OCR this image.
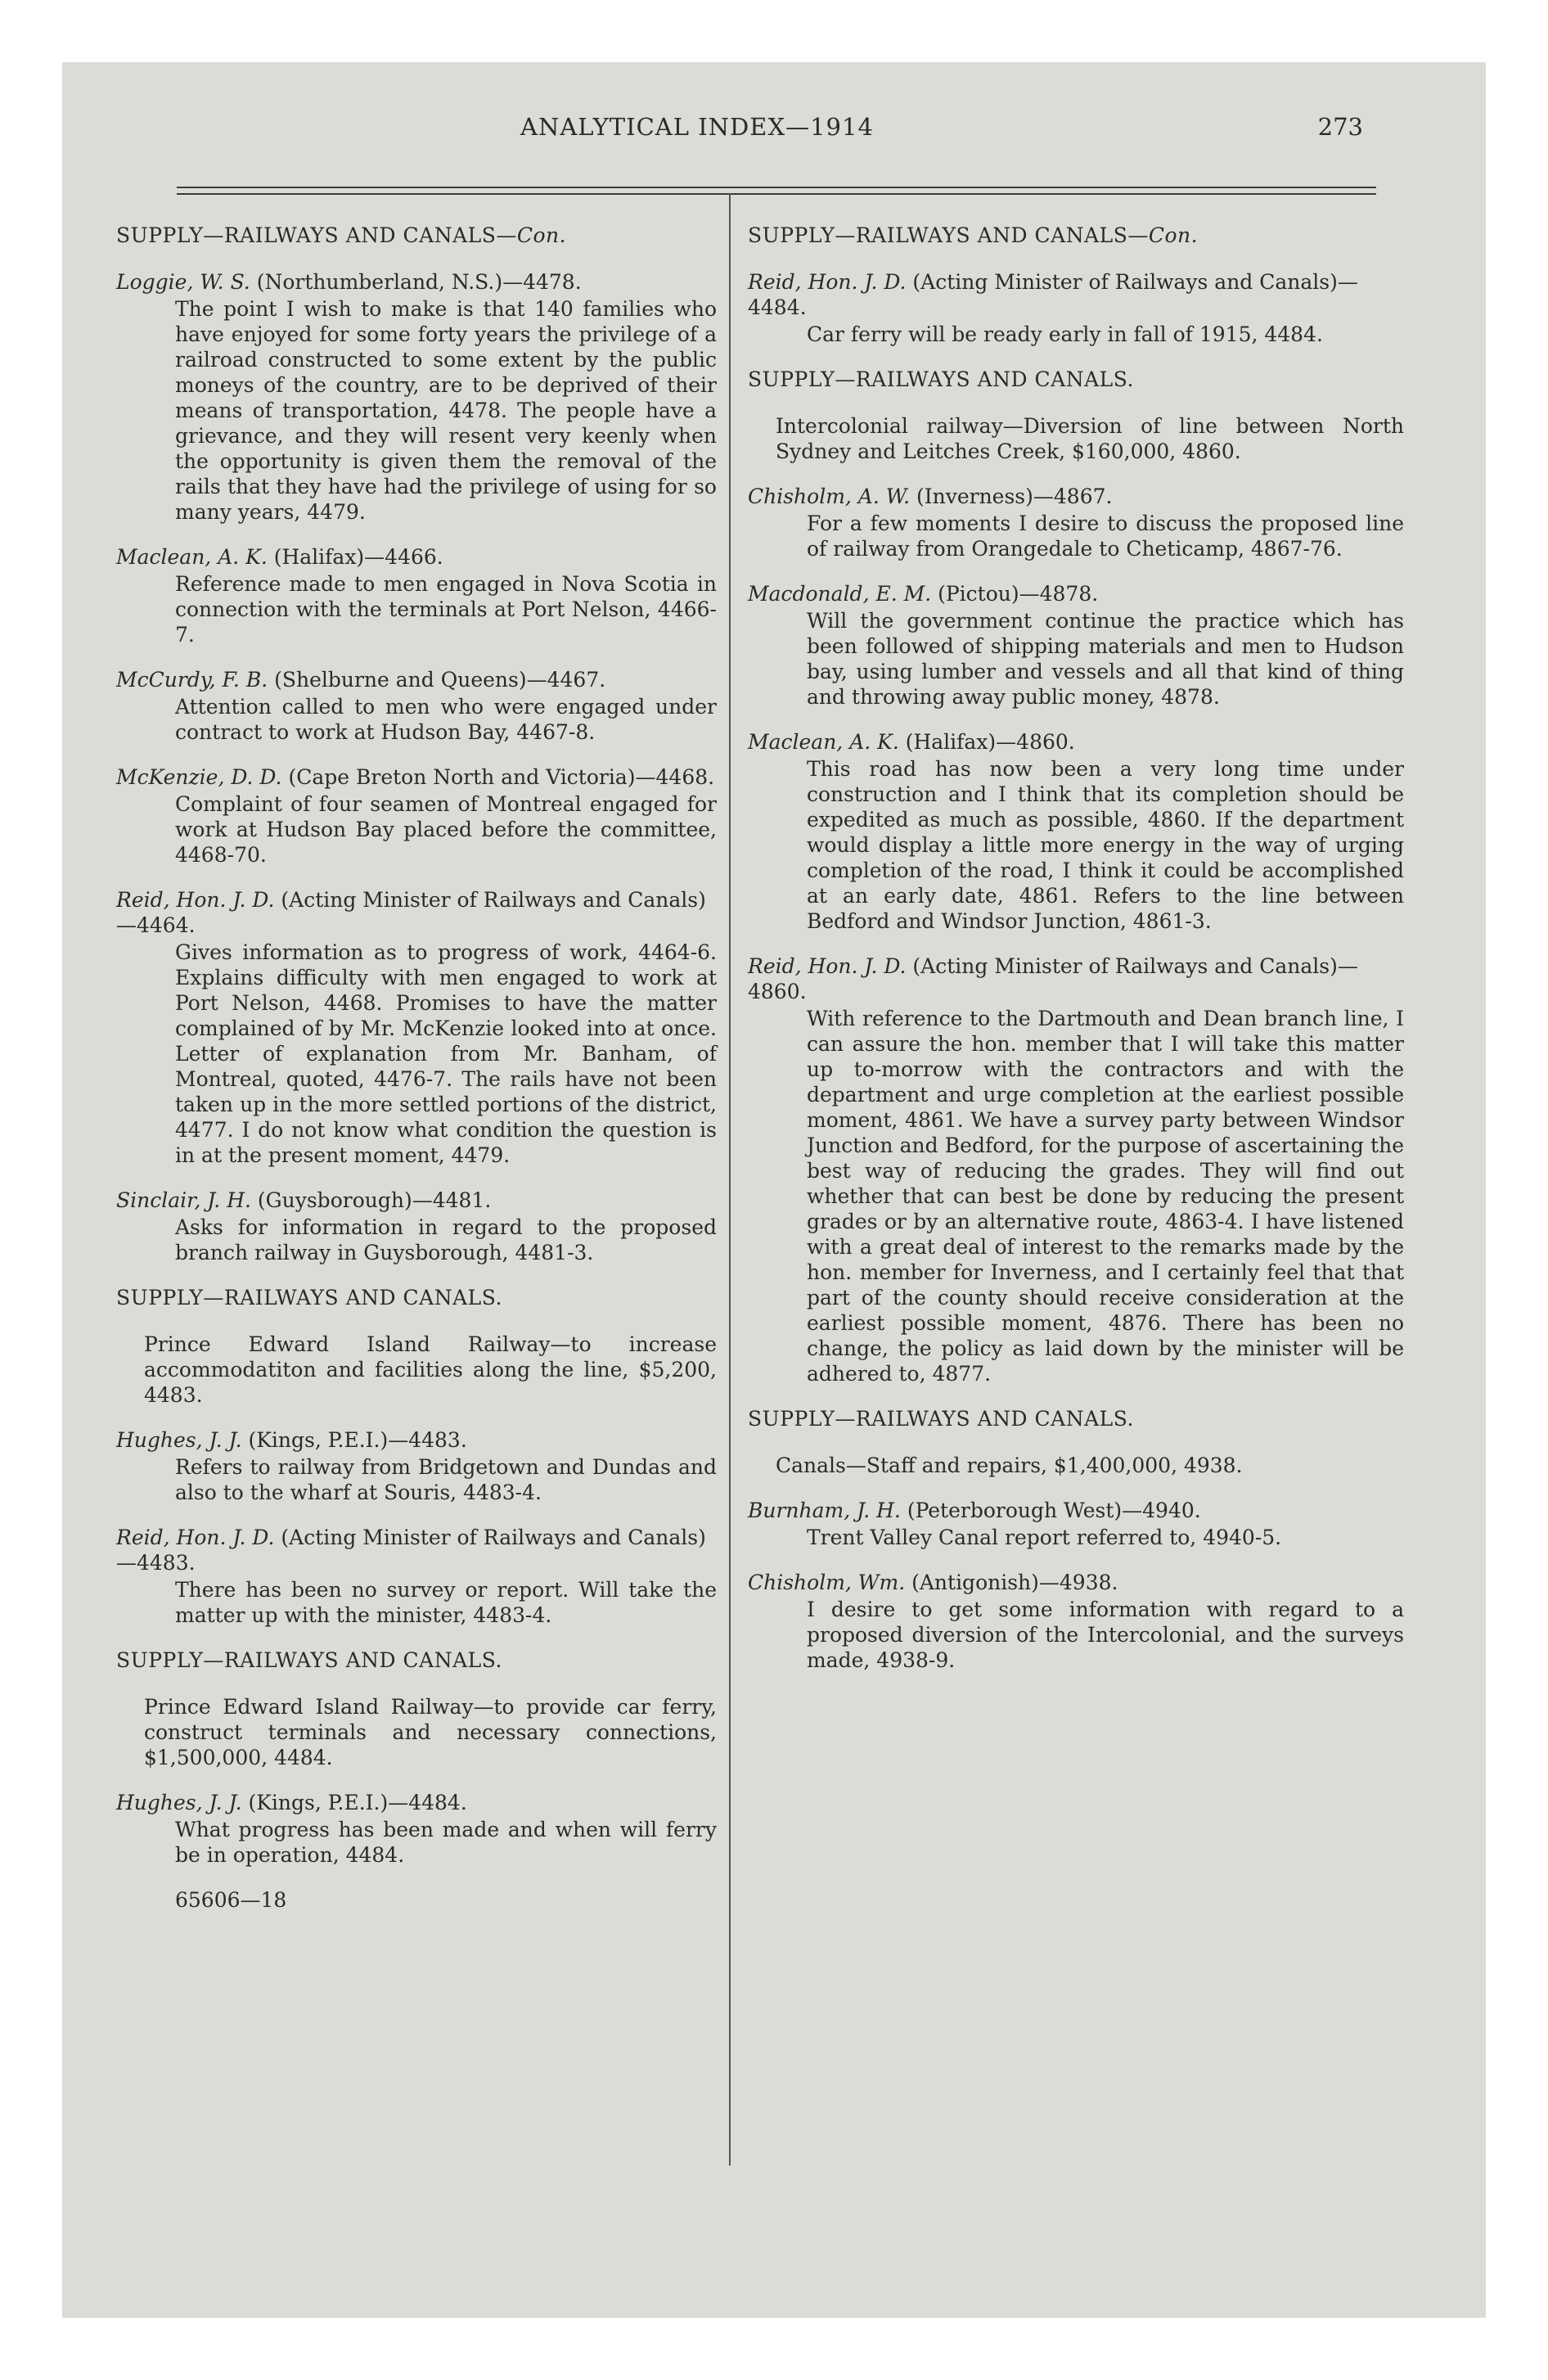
ANALYTICAL INDEX—1914	273
SUPPLY—RAILWAYS AND CANALS—Con.
Loggie, W. S. (Northumberland, N.S.)—4478.
The point I wish to make is that 140 families who have enjoyed for some forty years the privilege of a railroad constructed to some extent by the public moneys of the country, are to be deprived of their means of transportation, 4478. The people have a grievance, and they will resent very keenly when the opportunity is given them the removal of the rails that they have had the privilege of using for so many years, 4479.
Maclean, A. K. (Halifax)—4466.
Reference made to men engaged in Nova Scotia in connection with the terminals at Port Nelson, 4466-7.
McCurdy, F. B. (Shelburne and Queens)—4467.
Attention called to men who were engaged under contract to work at Hudson Bay, 4467-8.
McKenzie, D. D. (Cape Breton North and Victoria)—4468.
Complaint of four seamen of Montreal engaged for work at Hudson Bay placed before the committee, 4468-70.
Reid, Hon. J. D. (Acting Minister of Railways and Canals)—4464.
Gives information as to progress of work, 4464-6. Explains difficulty with men engaged to work at Port Nelson, 4468. Promises to have the matter complained of by Mr. McKenzie looked into at once. Letter of explanation from Mr. Banham, of Montreal, quoted, 4476-7. The rails have not been taken up in the more settled portions of the district, 4477. I do not know what condition the question is in at the present moment, 4479.
Sinclair, J. H. (Guysborough)—4481.
Asks for information in regard to the proposed branch railway in Guysborough, 4481-3.
SUPPLY—RAILWAYS AND CANALS.
Prince Edward Island Railway—to increase accommodatiton and facilities along the line, $5,200, 4483.
Hughes, J. J. (Kings, P.E.I.)—4483.
Refers to railway from Bridgetown and Dundas and also to the wharf at Souris, 4483-4.
Reid, Hon. J. D. (Acting Minister of Railways and Canals)—4483.
There has been no survey or report. Will take the matter up with the minister, 4483-4.
SUPPLY—RAILWAYS AND CANALS.
Prince Edward Island Railway—to provide car ferry, construct terminals and necessary connections, $1,500,000, 4484.
Hughes, J. J. (Kings, P.E.I.)—4484.
What progress has been made and when will ferry be in operation, 4484.
65606—18
SUPPLY—RAILWAYS AND CANALS—Con.
Reid, Hon. J. D. (Acting Minister of Railways and Canals)—4484.
Car ferry will be ready early in fall of 1915, 4484.
SUPPLY—RAILWAYS AND CANALS.
Intercolonial railway—Diversion of line between North Sydney and Leitches Creek, $160,000, 4860.
Chisholm, A. W. (Inverness)—4867.
For a few moments I desire to discuss the proposed line of railway from Orangedale to Cheticamp, 4867-76.
Macdonald, E. M. (Pictou)—4878.
Will the government continue the practice which has been followed of shipping materials and men to Hudson bay, using lumber and vessels and all that kind of thing and throwing away public money, 4878.
Maclean, A. K. (Halifax)—4860.
This road has now been a very long time under construction and I think that its completion should be expedited as much as possible, 4860. If the department would display a little more energy in the way of urging completion of the road, I think it could be accomplished at an early date, 4861. Refers to the line between Bedford and Windsor Junction, 4861-3.
Reid, Hon. J. D. (Acting Minister of Railways and Canals)—4860.
With reference to the Dartmouth and Dean branch line, I can assure the hon. member that I will take this matter up to-morrow with the contractors and with the department and urge completion at the earliest possible moment, 4861. We have a survey party between Windsor Junction and Bedford, for the purpose of ascertaining the best way of reducing the grades. They will find out whether that can best be done by reducing the present grades or by an alternative route, 4863-4. I have listened with a great deal of interest to the remarks made by the hon. member for Inverness, and I certainly feel that that part of the county should receive consideration at the earliest possible moment, 4876. There has been no change, the policy as laid down by the minister will be adhered to, 4877.
SUPPLY—RAILWAYS AND CANALS.
Canals—Staff and repairs, $1,400,000, 4938.
Burnham, J. H. (Peterborough West)—4940.
Trent Valley Canal report referred to, 4940-5.
Chisholm, Wm. (Antigonish)—4938.
I desire to get some information with regard to a proposed diversion of the Intercolonial, and the surveys made, 4938-9.
